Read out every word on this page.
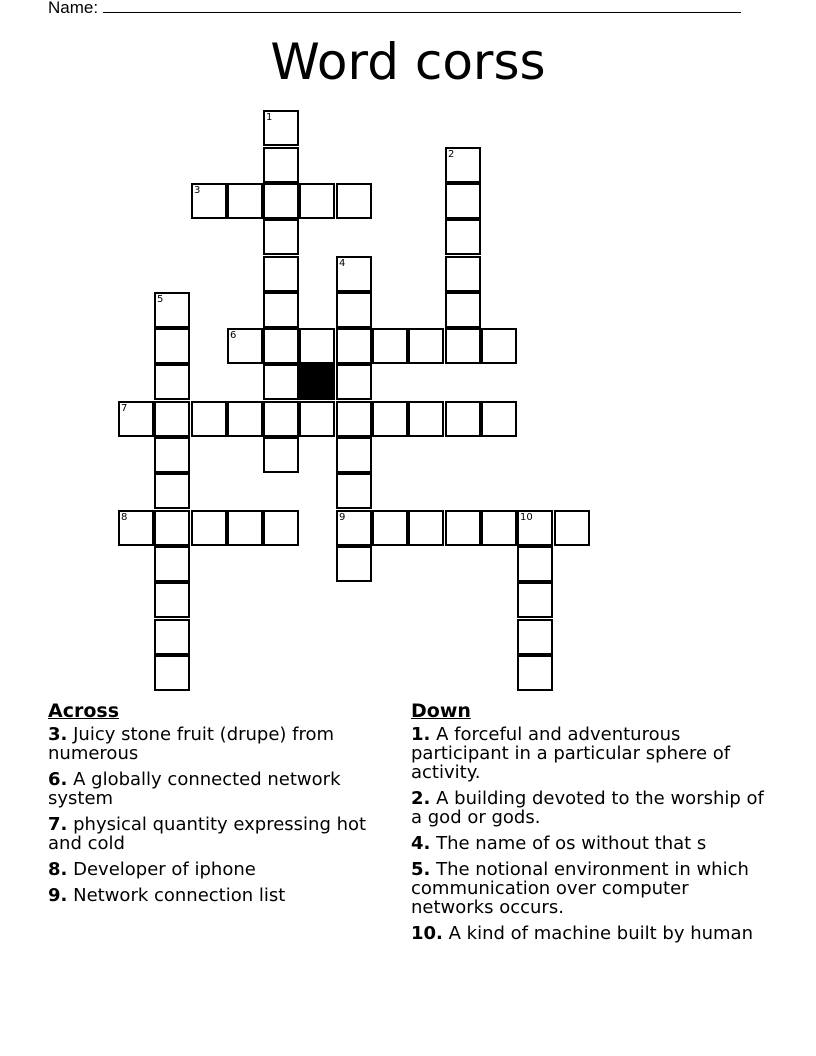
Name:
Word corss
1
3
2
4
5
6
7
8	9	10
Across
3. Juicy stone fruit (drupe) from numerous
6. A globally connected network system
7. physical quantity expressing hot and cold
8. Developer of iphone
9. Network connection list
Down
1. A forceful and adventurous participant in a particular sphere of activity.
2. A building devoted to the worship of a god or gods.
4. The name of os without that s
5. The notional environment in which communication over computer networks occurs.
10. A kind of machine built by human
